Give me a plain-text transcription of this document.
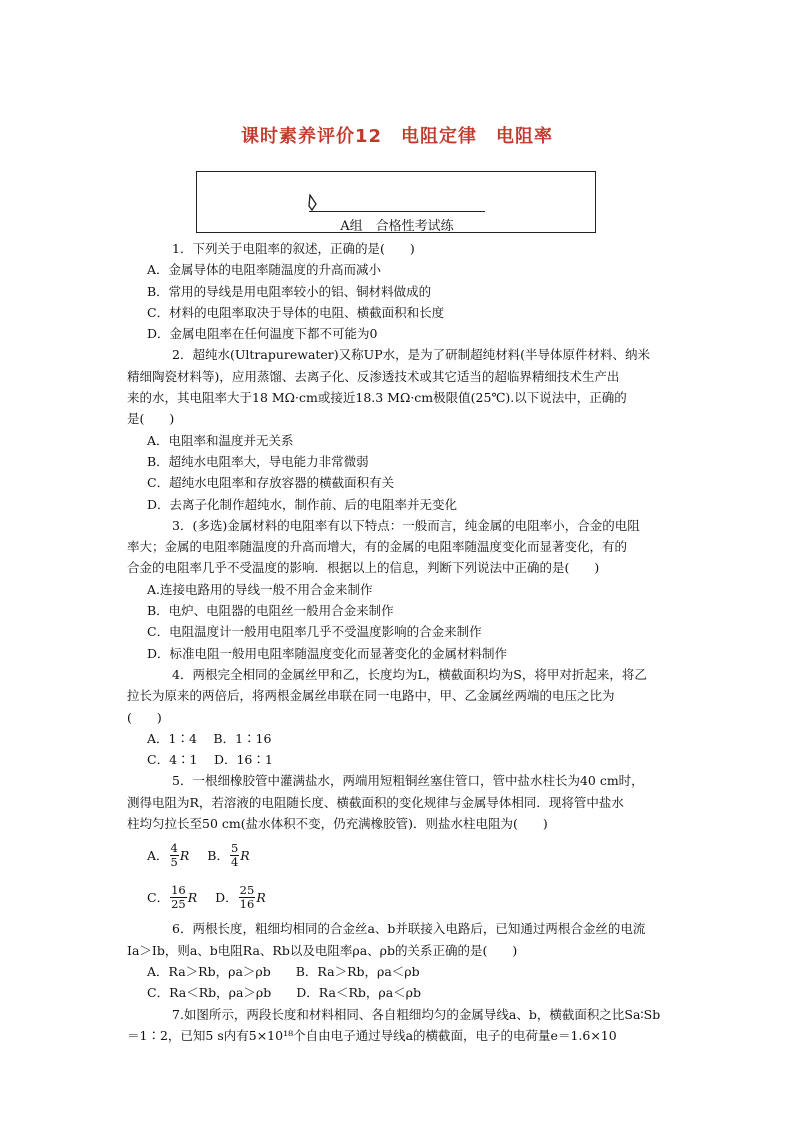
课时素养评价12　电阻定律　电阻率
A组　合格性考试练

1．下列关于电阻率的叙述，正确的是(　　)

A．金属导体的电阻率随温度的升高而减小

B．常用的导线是用电阻率较小的铝、铜材料做成的

C．材料的电阻率取决于导体的电阻、横截面积和长度

D．金属电阻率在任何温度下都不可能为0

2．超纯水(Ultrapurewater)又称UP水，是为了研制超纯材料(半导体原件材料、纳米

精细陶瓷材料等)，应用蒸馏、去离子化、反渗透技术或其它适当的超临界精细技术生产出

来的水，其电阻率大于18 MΩ·cm或接近18.3 MΩ·cm极限值(25℃).以下说法中，正确的

是(　　)

A．电阻率和温度并无关系

B．超纯水电阻率大，导电能力非常微弱

C．超纯水电阻率和存放容器的横截面积有关

D．去离子化制作超纯水，制作前、后的电阻率并无变化

3．(多选)金属材料的电阻率有以下特点：一般而言，纯金属的电阻率小，合金的电阻

率大；金属的电阻率随温度的升高而增大，有的金属的电阻率随温度变化而显著变化，有的

合金的电阻率几乎不受温度的影响．根据以上的信息，判断下列说法中正确的是(　　)

A.连接电路用的导线一般不用合金来制作

B．电炉、电阻器的电阻丝一般用合金来制作

C．电阻温度计一般用电阻率几乎不受温度影响的合金来制作

D．标准电阻一般用电阻率随温度变化而显著变化的金属材料制作

4．两根完全相同的金属丝甲和乙，长度均为L，横截面积均为S，将甲对折起来，将乙

拉长为原来的两倍后，将两根金属丝串联在同一电路中，甲、乙金属丝两端的电压之比为

(　　)

A．1∶4　 B．1∶16

C．4∶1　 D．16∶1

5．一根细橡胶管中灌满盐水，两端用短粗铜丝塞住管口，管中盐水柱长为40 cm时，

测得电阻为R，若溶液的电阻随长度、横截面积的变化规律与金属导体相同．现将管中盐水

柱均匀拉长至50 cm(盐水体积不变，仍充满橡胶管)．则盐水柱电阻为(　　)

A． $\frac{4}{5}$ R B． $\frac{5}{4}$ R
C． $\frac{16}{25}$ R D． $\frac{25}{16}$ R

6．两根长度，粗细均相同的合金丝a、b并联接入电路后，已知通过两根合金丝的电流

Ia＞Ib，则a、b电阻Ra、Rb以及电阻率ρa、ρb的关系正确的是(　　)

A．Ra＞Rb，ρa＞ρb　　B．Ra＞Rb，ρa＜ρb

C．Ra＜Rb，ρa＞ρb　　D．Ra＜Rb，ρa＜ρb

7.如图所示，两段长度和材料相同、各自粗细均匀的金属导线a、b，横截面积之比Sa∶Sb

＝1∶2，已知5 s内有5×10¹⁸个自由电子通过导线a的横截面，电子的电荷量e＝1.6×10
